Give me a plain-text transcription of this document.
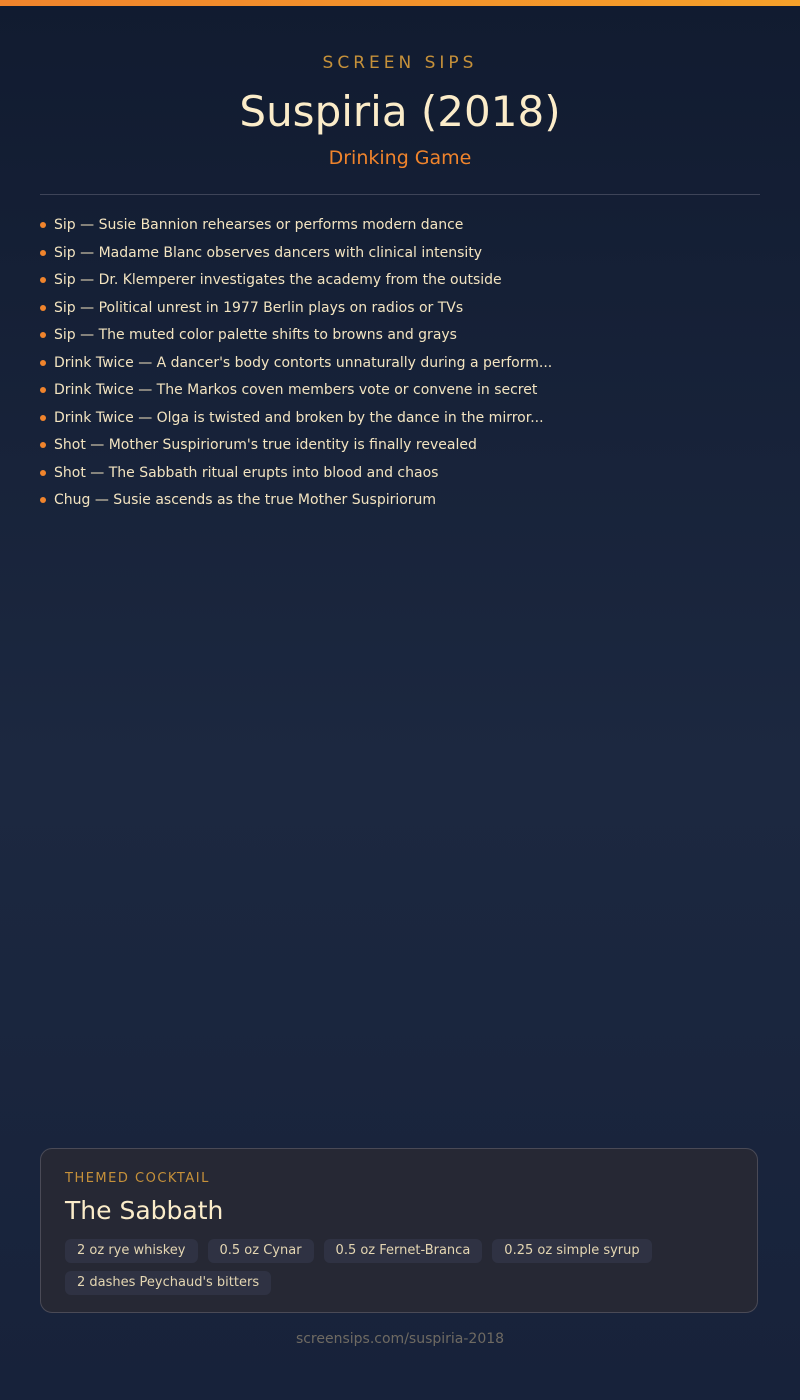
SCREEN SIPS
Suspiria (2018)
Drinking Game
Sip — Susie Bannion rehearses or performs modern dance
Sip — Madame Blanc observes dancers with clinical intensity
Sip — Dr. Klemperer investigates the academy from the outside
Sip — Political unrest in 1977 Berlin plays on radios or TVs
Sip — The muted color palette shifts to browns and grays
Drink Twice — A dancer's body contorts unnaturally during a perform...
Drink Twice — The Markos coven members vote or convene in secret
Drink Twice — Olga is twisted and broken by the dance in the mirror...
Shot — Mother Suspiriorum's true identity is finally revealed
Shot — The Sabbath ritual erupts into blood and chaos
Chug — Susie ascends as the true Mother Suspiriorum
THEMED COCKTAIL
The Sabbath
2 oz rye whiskey	0.5 oz Cynar	0.5 oz Fernet-Branca	0.25 oz simple syrup
2 dashes Peychaud's bitters
screensips.com/suspiria-2018
